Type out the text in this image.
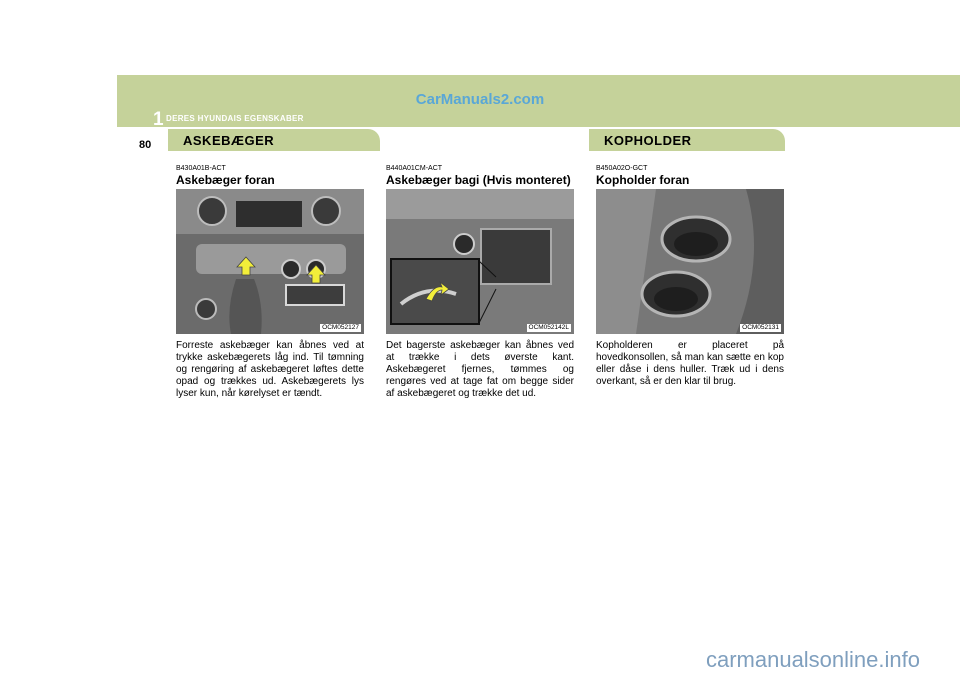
CarManuals2.com
1 DERES HYUNDAIS EGENSKABER
80 ASKEBÆGER	KOPHOLDER
B430A01B-ACT
Askebæger foran
OCM052127
Forreste askebæger kan åbnes ved at trykke askebægerets låg ind. Til tømning og rengøring af askebægeret løftes dette opad og trækkes ud. Askebægerets lys lyser kun, når kørelyset er tændt.
B440A01CM-ACT
Askebæger bagi (Hvis monteret)
OCM052142L
Det bagerste askebæger kan åbnes ved at trække i dets øverste kant. Askebægeret fjernes, tømmes og rengøres ved at tage fat om begge sider af askebægeret og trække det ud.
B450A02O-GCT
Kopholder foran
OCM052131
Kopholderen er placeret på hovedkonsollen, så man kan sætte en kop eller dåse i dens huller. Træk ud i dens overkant, så er den klar til brug.
carmanualsonline.info
